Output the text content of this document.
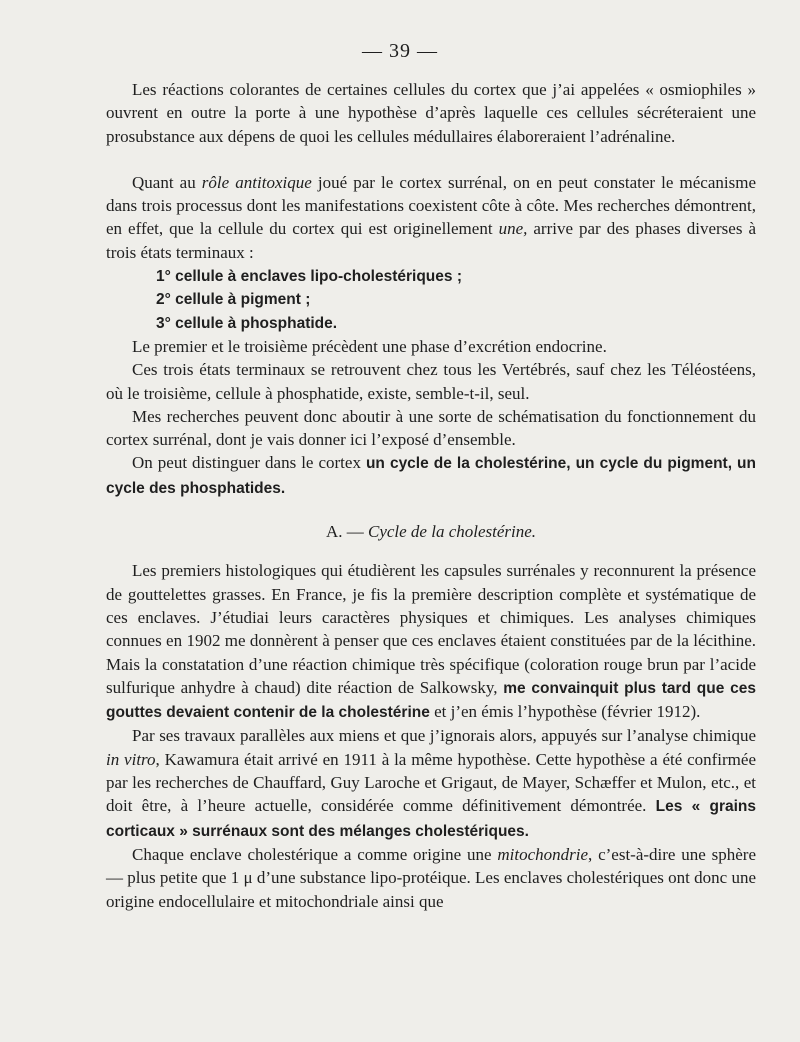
— 39 —

Les réactions colorantes de certaines cellules du cortex que j’ai appelées « osmiophiles » ouvrent en outre la porte à une hypothèse d’après laquelle ces cellules sécréteraient une prosubstance aux dépens de quoi les cellules médullaires élaboreraient l’adrénaline.

Quant au rôle antitoxique joué par le cortex surrénal, on en peut constater le mécanisme dans trois processus dont les manifestations coexistent côte à côte. Mes recherches démontrent, en effet, que la cellule du cortex qui est originellement une, arrive par des phases diverses à trois états terminaux :

1° cellule à enclaves lipo-cholestériques ;
2° cellule à pigment ;
3° cellule à phosphatide.

Le premier et le troisième précèdent une phase d’excrétion endocrine.

Ces trois états terminaux se retrouvent chez tous les Vertébrés, sauf chez les Téléostéens, où le troisième, cellule à phosphatide, existe, semble-t-il, seul.

Mes recherches peuvent donc aboutir à une sorte de schématisation du fonctionnement du cortex surrénal, dont je vais donner ici l’exposé d’ensemble.

On peut distinguer dans le cortex un cycle de la cholestérine, un cycle du pigment, un cycle des phosphatides.

A. — Cycle de la cholestérine.

Les premiers histologiques qui étudièrent les capsules surrénales y reconnurent la présence de gouttelettes grasses. En France, je fis la première description complète et systématique de ces enclaves. J’étudiai leurs caractères physiques et chimiques. Les analyses chimiques connues en 1902 me donnèrent à penser que ces enclaves étaient constituées par de la lécithine. Mais la constatation d’une réaction chimique très spécifique (coloration rouge brun par l’acide sulfurique anhydre à chaud) dite réaction de Salkowsky, me convainquit plus tard que ces gouttes devaient contenir de la cholestérine et j’en émis l’hypothèse (février 1912).

Par ses travaux parallèles aux miens et que j’ignorais alors, appuyés sur l’analyse chimique in vitro, Kawamura était arrivé en 1911 à la même hypothèse. Cette hypothèse a été confirmée par les recherches de Chauffard, Guy Laroche et Grigaut, de Mayer, Schæffer et Mulon, etc., et doit être, à l’heure actuelle, considérée comme définitivement démontrée. Les « grains corticaux » surrénaux sont des mélanges cholestériques.

Chaque enclave cholestérique a comme origine une mitochondrie, c’est-à-dire une sphère — plus petite que 1 μ d’une substance lipo-protéique. Les enclaves cholestériques ont donc une origine endocellulaire et mitochondriale ainsi que
